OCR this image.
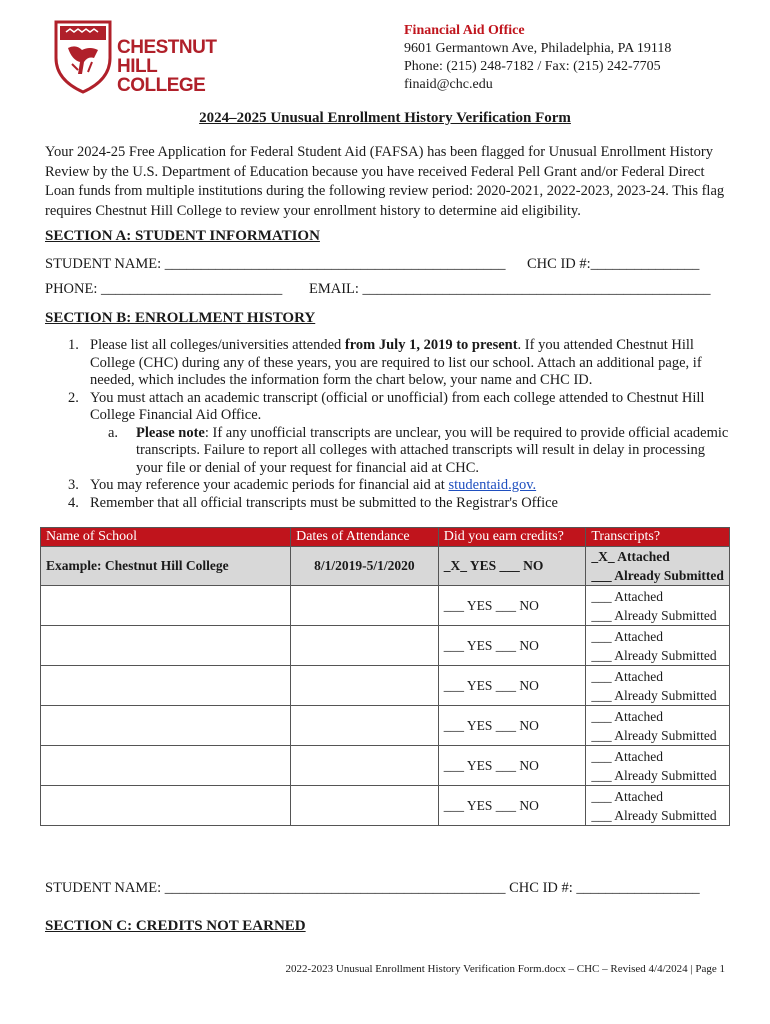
CHESTNUT
HILL
COLLEGE
Financial Aid Office
9601 Germantown Ave, Philadelphia, PA 19118
Phone: (215) 248-7182 / Fax: (215) 242-7705
finaid@chc.edu
2024–2025 Unusual Enrollment History Verification Form
Your 2024-25 Free Application for Federal Student Aid (FAFSA) has been flagged for Unusual Enrollment History Review by the U.S. Department of Education because you have received Federal Pell Grant and/or Federal Direct Loan funds from multiple institutions during the following review period: 2020-2021, 2022-2023, 2023-24. This flag requires Chestnut Hill College to review your enrollment history to determine aid eligibility.
SECTION A: STUDENT INFORMATION
STUDENT NAME: _______________________________________________ CHC ID #:_______________
PHONE: _________________________ EMAIL: ________________________________________________
SECTION B: ENROLLMENT HISTORY
1. Please list all colleges/universities attended from July 1, 2019 to present. If you attended Chestnut Hill College (CHC) during any of these years, you are required to list our school. Attach an additional page, if needed, which includes the information form the chart below, your name and CHC ID.
2. You must attach an academic transcript (official or unofficial) from each college attended to Chestnut Hill College Financial Aid Office.
a.	Please note: If any unofficial transcripts are unclear, you will be required to provide official academic transcripts. Failure to report all colleges with attached transcripts will result in delay in processing your file or denial of your request for financial aid at CHC.
3. You may reference your academic periods for financial aid at studentaid.gov.
4. Remember that all official transcripts must be submitted to the Registrar's Office
Name of School	Dates of Attendance	Did you earn credits?	Transcripts?
Example: Chestnut Hill College	8/1/2019-5/1/2020	_X_ YES ___ NO	_X_ Attached
___ Already Submitted

		___ YES ___ NO	___ Attached
___ Already Submitted

		___ YES ___ NO	___ Attached
___ Already Submitted

		___ YES ___ NO	___ Attached
___ Already Submitted

		___ YES ___ NO	___ Attached
___ Already Submitted

		___ YES ___ NO	___ Attached
___ Already Submitted

		___ YES ___ NO	___ Attached
___ Already Submitted
STUDENT NAME: _______________________________________________ CHC ID #: _________________
SECTION C: CREDITS NOT EARNED
2022-2023 Unusual Enrollment History Verification Form.docx – CHC – Revised 4/4/2024 | Page 1
